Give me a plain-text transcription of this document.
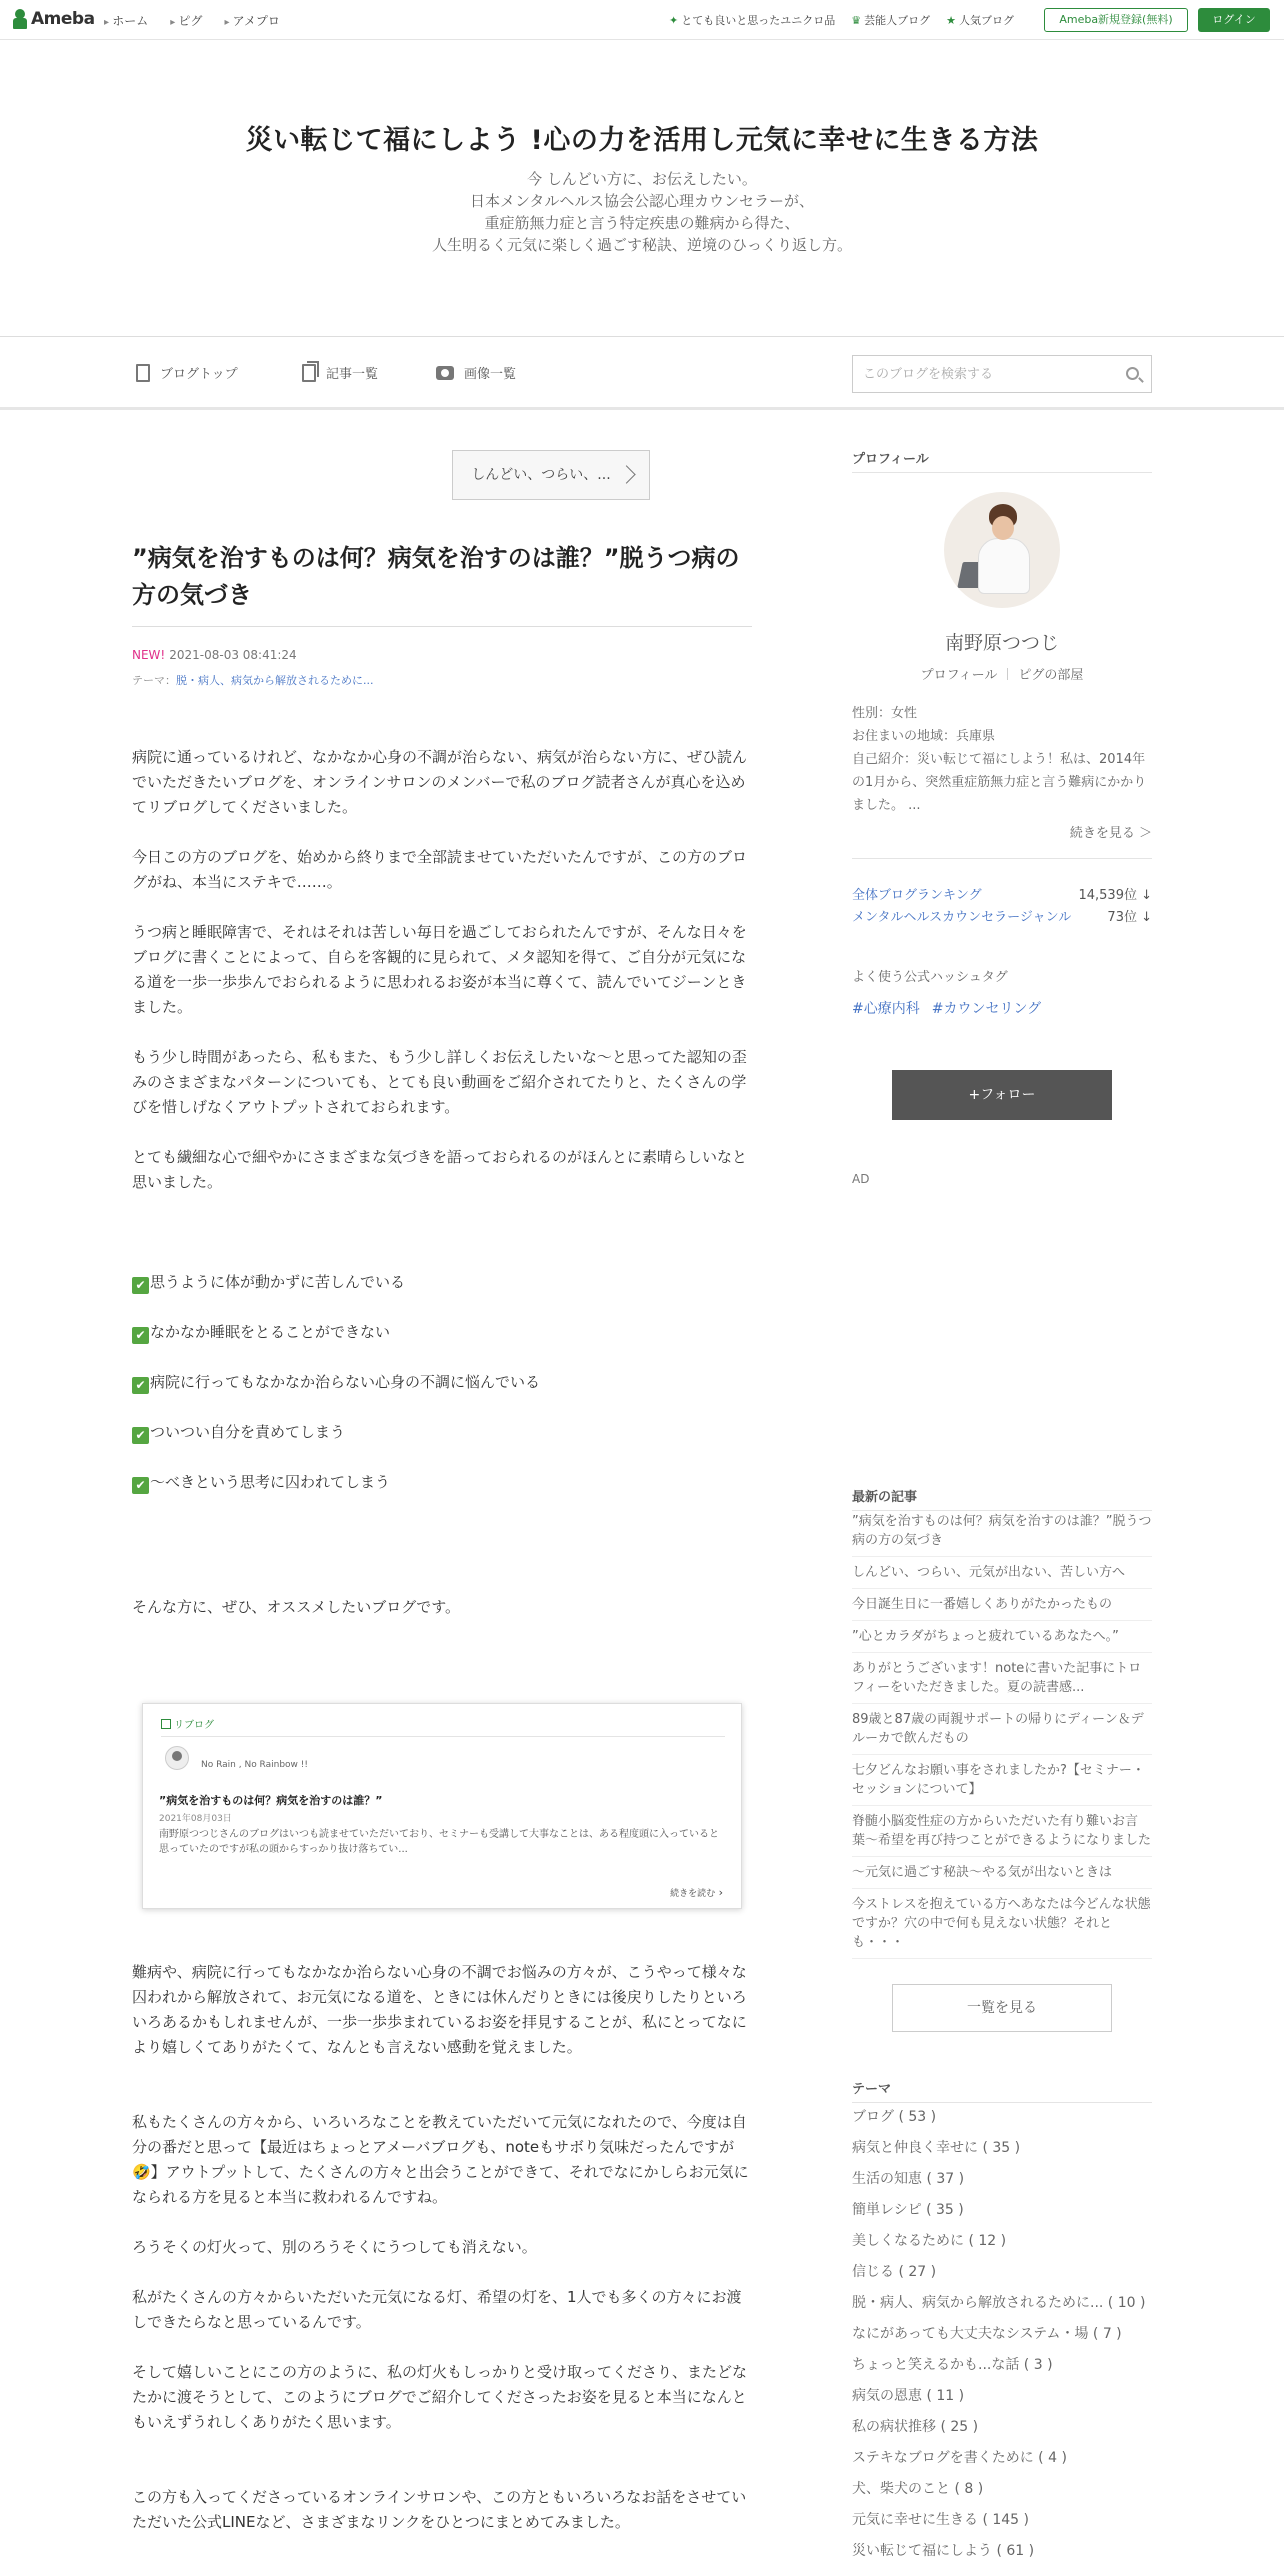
Ameba	▸ ホーム	▸ ピグ	▸ アメプロ	✦ とても良いと思ったユニクロ品 ♛ 芸能人ブログ ★ 人気ブログ	Ameba新規登録(無料)	ログイン
災い転じて福にしよう !心の力を活用し元気に幸せに生きる方法
今 しんどい方に、お伝えしたい。
日本メンタルヘルス協会公認心理カウンセラーが、
重症筋無力症と言う特定疾患の難病から得た、
人生明るく元気に楽しく過ごす秘訣、逆境のひっくり返し方。
ブログトップ	記事一覧	画像一覧
このブログを検索する
しんどい、つらい、...
”病気を治すものは何？病気を治すのは誰？”脱うつ病の方の気づき
NEW! 2021-08-03 08:41:24
テーマ：脱・病人、病気から解放されるために...

病院に通っているけれど、なかなか心身の不調が治らない、病気が治らない方に、ぜひ読んでいただきたいブログを、オンラインサロンのメンバーで私のブログ読者さんが真心を込めてリブログしてくださいました。

今日この方のブログを、始めから終りまで全部読ませていただいたんですが、この方のブログがね、本当にステキで……。

うつ病と睡眠障害で、それはそれは苦しい毎日を過ごしておられたんですが、そんな日々をブログに書くことによって、自らを客観的に見られて、メタ認知を得て、ご自分が元気になる道を一歩一歩歩んでおられるように思われるお姿が本当に尊くて、読んでいてジーンときました。

もう少し時間があったら、私もまた、もう少し詳しくお伝えしたいな〜と思ってた認知の歪みのさまざまなパターンについても、とても良い動画をご紹介されてたりと、たくさんの学びを惜しげなくアウトプットされておられます。

とても繊細な心で細やかにさまざまな気づきを語っておられるのがほんとに素晴らしいなと思いました。

✔ 思うように体が動かずに苦しんでいる

✔ なかなか睡眠をとることができない

✔ 病院に行ってもなかなか治らない心身の不調に悩んでいる

✔ ついつい自分を責めてしまう

✔ 〜べきという思考に囚われてしまう

そんな方に、ぜひ、オススメしたいブログです。

リブログ
No Rain , No Rainbow !!
”病気を治すものは何？病気を治すのは誰？”
2021年08月03日
南野原つつじさんのブログはいつも読ませていただいており、セミナーも受講して大事なことは、ある程度頭に入っていると思っていたのですが私の頭からすっかり抜け落ちてい...
続きを読む ›

難病や、病院に行ってもなかなか治らない心身の不調でお悩みの方々が、こうやって様々な囚われから解放されて、お元気になる道を、ときには休んだりときには後戻りしたりといろいろあるかもしれませんが、一歩一歩歩まれているお姿を拝見することが、私にとってなにより嬉しくてありがたくて、なんとも言えない感動を覚えました。

私もたくさんの方々から、いろいろなことを教えていただいて元気になれたので、今度は自分の番だと思って【最近はちょっとアメーバブログも、noteもサボり気味だったんですが🤣】アウトプットして、たくさんの方々と出会うことができて、それでなにかしらお元気になられる方を見ると本当に救われるんですね。

ろうそくの灯火って、別のろうそくにうつしても消えない。

私がたくさんの方々からいただいた元気になる灯、希望の灯を、1人でも多くの方々にお渡しできたらなと思っているんです。

そして嬉しいことにこの方のように、私の灯火もしっかりと受け取ってくださり、またどなたかに渡そうとして、このようにブログでご紹介してくださったお姿を見ると本当になんともいえずうれしくありがたく思います。

この方も入ってくださっているオンラインサロンや、この方ともいろいろなお話をさせていただいた公式LINEなど、さまざまなリンクをひとつにまとめてみました。

プロフィール
南野原つつじ
プロフィール ピグの部屋
性別：女性
お住まいの地域：兵庫県
自己紹介：災い転じて福にしよう！私は、2014年の1月から、突然重症筋無力症と言う難病にかかりました。 ...
続きを見る ＞
全体ブログランキング	14,539位 ↓
メンタルヘルスカウンセラージャンル	73位 ↓
よく使う公式ハッシュタグ
#心療内科 #カウンセリング
+フォロー
AD
最新の記事
”病気を治すものは何？病気を治すのは誰？”脱うつ病の方の気づき
しんどい、つらい、元気が出ない、苦しい方へ
今日誕生日に一番嬉しくありがたかったもの
”心とカラダがちょっと疲れているあなたへ。”
ありがとうございます！noteに書いた記事にトロフィーをいただきました。夏の読書感...
89歳と87歳の両親サポートの帰りにディーン＆デルーカで飲んだもの
七夕どんなお願い事をされましたか?【セミナー・セッションについて】
脊髄小脳変性症の方からいただいた有り難いお言葉〜希望を再び持つことができるようになりました
〜元気に過ごす秘訣〜やる気が出ないときは
今ストレスを抱えている方へあなたは今どんな状態ですか？穴の中で何も見えない状態？それとも・・・
一覧を見る
テーマ
ブログ ( 53 )
病気と仲良く幸せに ( 35 )
生活の知恵 ( 37 )
簡単レシピ ( 35 )
美しくなるために ( 12 )
信じる ( 27 )
脱・病人、病気から解放されるために... ( 10 )
なにがあっても大丈夫なシステム・場 ( 7 )
ちょっと笑えるかも...な話 ( 3 )
病気の恩恵 ( 11 )
私の病状推移 ( 25 )
ステキなブログを書くために ( 4 )
犬、柴犬のこと ( 8 )
元気に幸せに生きる ( 145 )
災い転じて福にしよう ( 61 )
